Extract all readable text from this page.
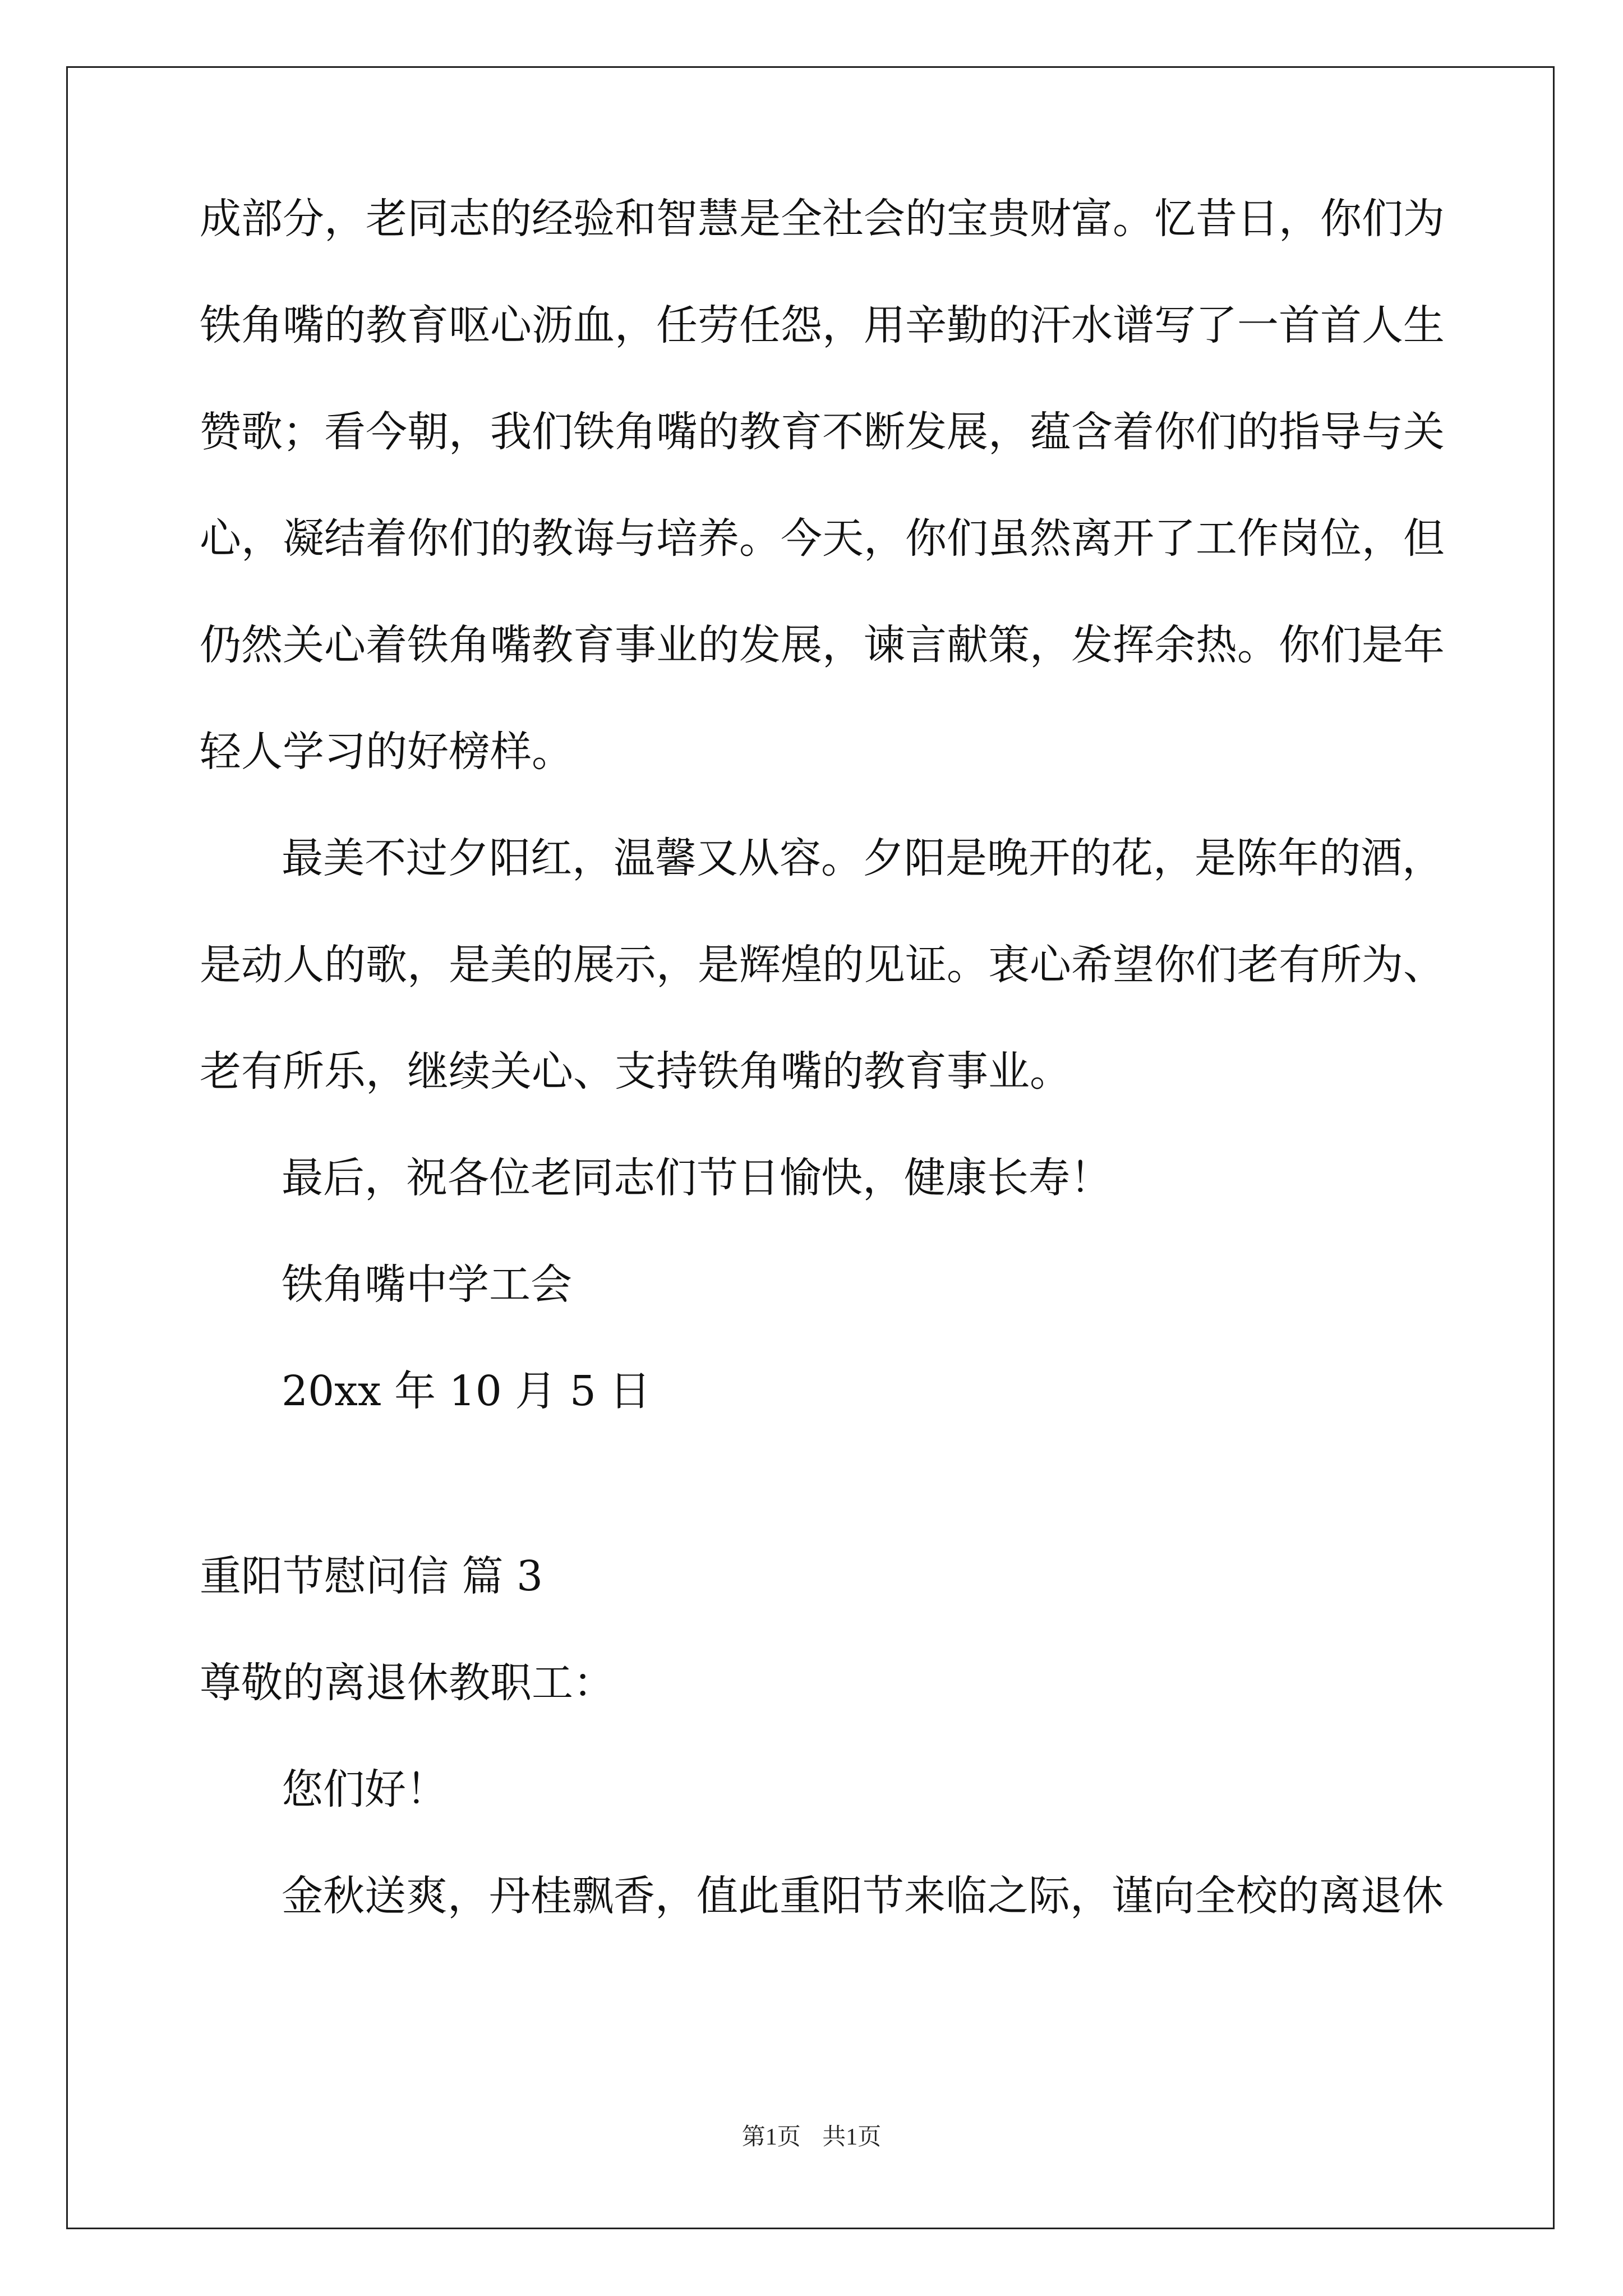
成部分，老同志的经验和智慧是全社会的宝贵财富。忆昔日，你们为
铁角嘴的教育呕心沥血，任劳任怨，用辛勤的汗水谱写了一首首人生
赞歌；看今朝，我们铁角嘴的教育不断发展，蕴含着你们的指导与关
心，凝结着你们的教诲与培养。今天，你们虽然离开了工作岗位，但
仍然关心着铁角嘴教育事业的发展，谏言献策，发挥余热。你们是年
轻人学习的好榜样。
最美不过夕阳红，温馨又从容。夕阳是晚开的花，是陈年的酒，
是动人的歌，是美的展示，是辉煌的见证。衷心希望你们老有所为、
老有所乐，继续关心、支持铁角嘴的教育事业。
最后，祝各位老同志们节日愉快，健康长寿！
铁角嘴中学工会
20xx 年 10 月 5 日
重阳节慰问信 篇 3
尊敬的离退休教职工：
您们好！
金秋送爽，丹桂飘香，值此重阳节来临之际，谨向全校的离退休
第1页 共1页
